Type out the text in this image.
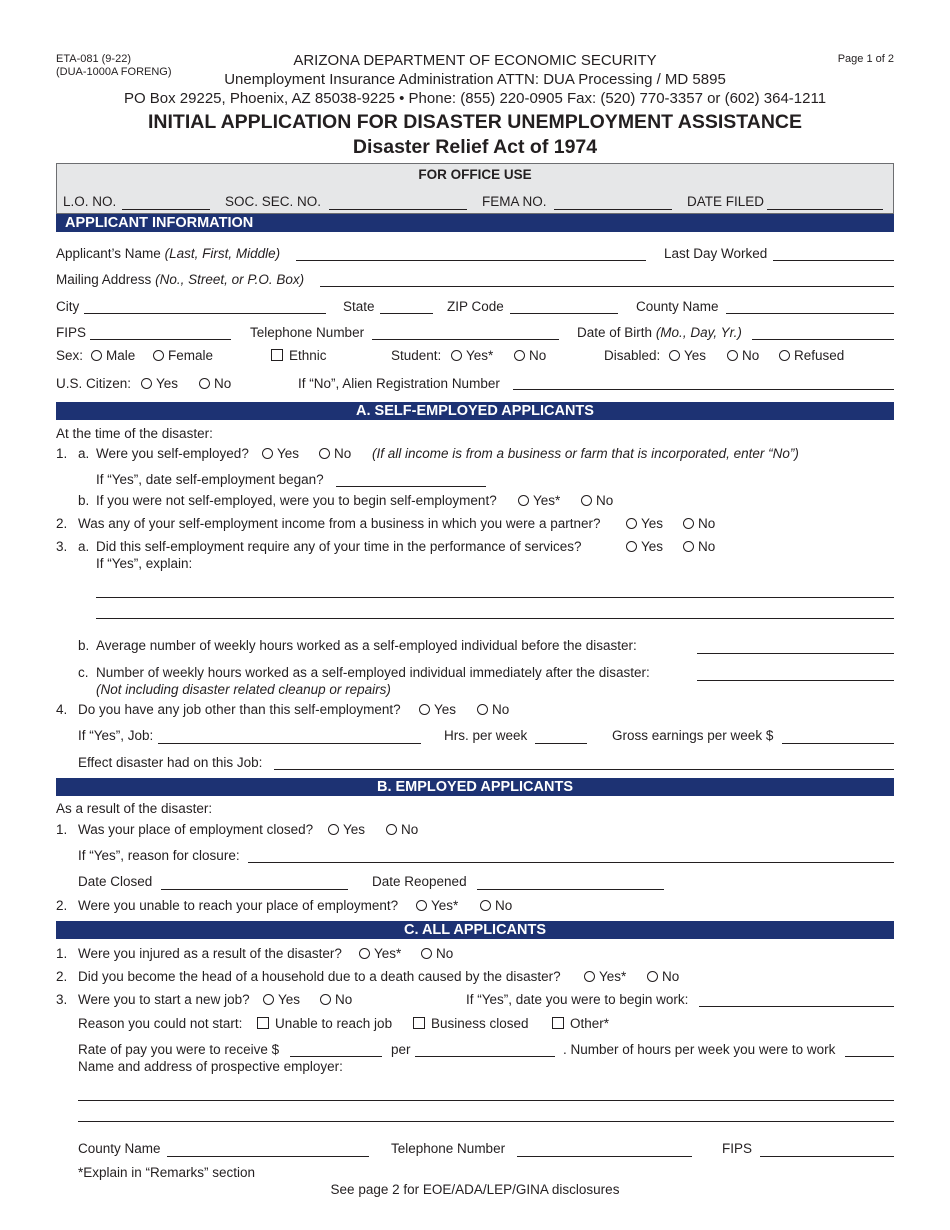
ETA-081 (9-22)
(DUA-1000A FORENG)
Page 1 of 2
ARIZONA DEPARTMENT OF ECONOMIC SECURITY
Unemployment Insurance Administration ATTN: DUA Processing / MD 5895
PO Box 29225, Phoenix, AZ 85038-9225 • Phone: (855) 220-0905 Fax: (520) 770-3357 or (602) 364-1211
INITIAL APPLICATION FOR DISASTER UNEMPLOYMENT ASSISTANCE
Disaster Relief Act of 1974
FOR OFFICE USE
L.O. NO.	SOC. SEC. NO.	FEMA NO.	DATE FILED
APPLICANT INFORMATION
Applicant’s Name (Last, First, Middle)	Last Day Worked
Mailing Address (No., Street, or P.O. Box)
City	State	ZIP Code	County Name
FIPS	Telephone Number	Date of Birth (Mo., Day, Yr.)
Sex:	Male	Female	Ethnic	Student:	Yes*	No	Disabled:	Yes	No	Refused
U.S. Citizen:	Yes	No	If “No”, Alien Registration Number
A. SELF-EMPLOYED APPLICANTS
At the time of the disaster:
1. a. Were you self-employed?	Yes	No (If all income is from a business or farm that is incorporated, enter “No”)
If “Yes”, date self-employment began?
b. If you were not self-employed, were you to begin self-employment?	Yes*	No
2. Was any of your self-employment income from a business in which you were a partner?	Yes	No
3. a. Did this self-employment require any of your time in the performance of services?	Yes	No
If “Yes”, explain:
b. Average number of weekly hours worked as a self-employed individual before the disaster:
c. Number of weekly hours worked as a self-employed individual immediately after the disaster:
(Not including disaster related cleanup or repairs)
4. Do you have any job other than this self-employment?	Yes	No
If “Yes”, Job:	Hrs. per week	Gross earnings per week $
Effect disaster had on this Job:
B. EMPLOYED APPLICANTS
As a result of the disaster:
1. Was your place of employment closed?	Yes	No
If “Yes”, reason for closure:
Date Closed	Date Reopened
2. Were you unable to reach your place of employment?	Yes*	No
C. ALL APPLICANTS
1. Were you injured as a result of the disaster?	Yes*	No
2. Did you become the head of a household due to a death caused by the disaster?	Yes*	No
3. Were you to start a new job?	Yes	No	If “Yes”, date you were to begin work:
Reason you could not start:	Unable to reach job	Business closed	Other*
Rate of pay you were to receive $	per	. Number of hours per week you were to work
Name and address of prospective employer:
County Name	Telephone Number	FIPS
*Explain in “Remarks” section
See page 2 for EOE/ADA/LEP/GINA disclosures
